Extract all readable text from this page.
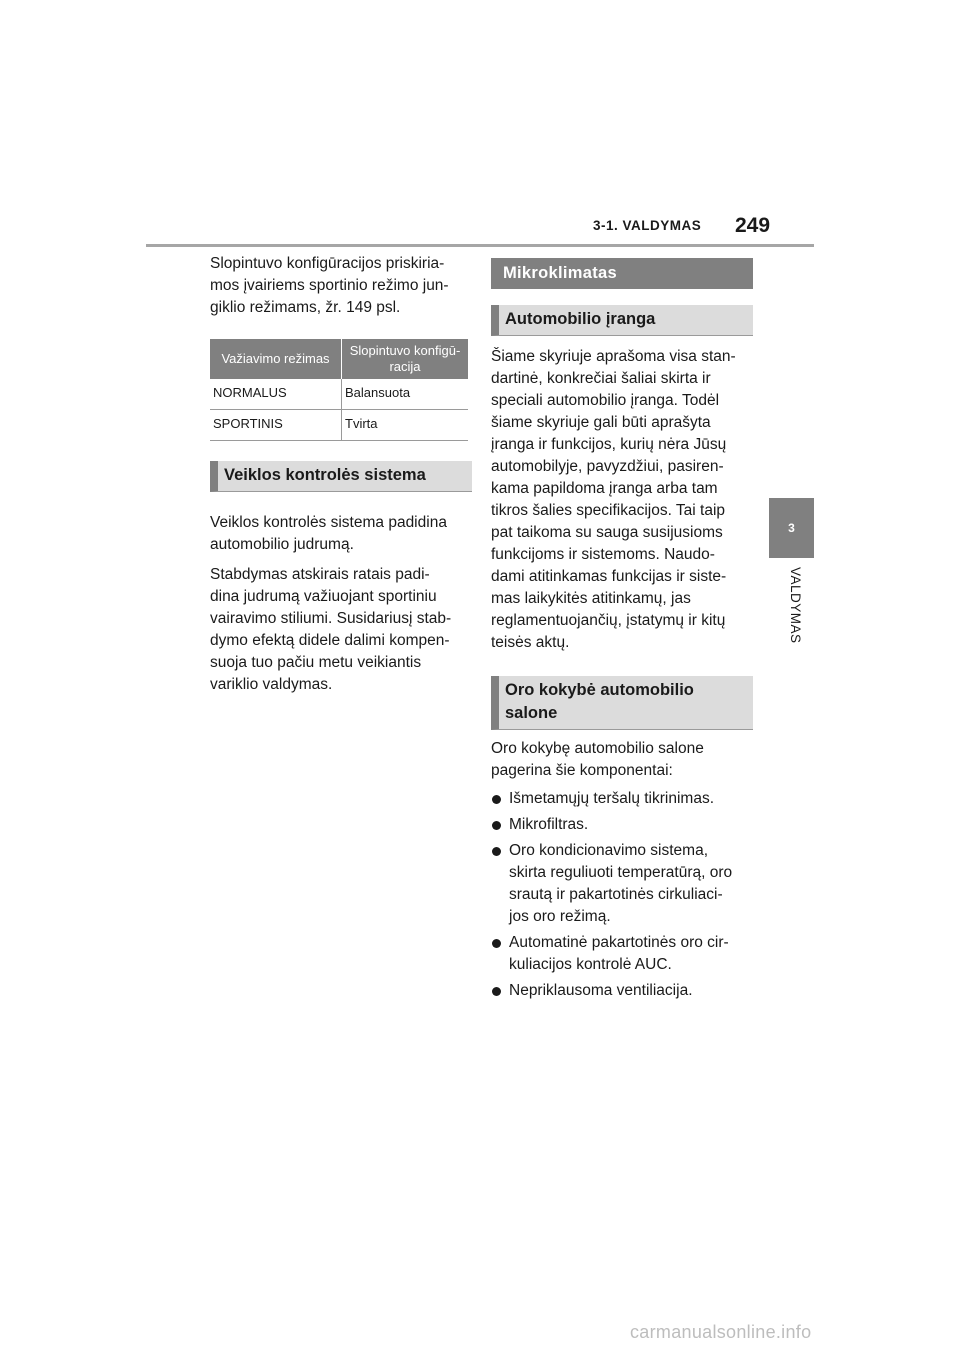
3-1. VALDYMAS 249
3
VALDYMAS

Slopintuvo konfigūracijos priskiria-
mos įvairiems sportinio režimo jun-
giklio režimams, žr. 149 psl.

Važiavimo režimas	Slopintuvo konfigū-
racija
NORMALUS	Balansuota
SPORTINIS	Tvirta
Veiklos kontrolės sistema

Veiklos kontrolės sistema padidina
automobilio judrumą.

Stabdymas atskirais ratais padi-
dina judrumą važiuojant sportiniu
vairavimo stiliumi. Susidariusį stab-
dymo efektą didele dalimi kompen-
suoja tuo pačiu metu veikiantis
variklio valdymas.

Mikroklimatas
Automobilio įranga

Šiame skyriuje aprašoma visa stan-
dartinė, konkrečiai šaliai skirta ir
speciali automobilio įranga. Todėl
šiame skyriuje gali būti aprašyta
įranga ir funkcijos, kurių nėra Jūsų
automobilyje, pavyzdžiui, pasiren-
kama papildoma įranga arba tam
tikros šalies specifikacijos. Tai taip
pat taikoma su sauga susijusioms
funkcijoms ir sistemoms. Naudo-
dami atitinkamas funkcijas ir siste-
mas laikykitės atitinkamų, jas
reglamentuojančių, įstatymų ir kitų
teisės aktų.

Oro kokybė automobilio
salone

Oro kokybę automobilio salone
pagerina šie komponentai:

Išmetamųjų teršalų tikrinimas.
Mikrofiltras.
Oro kondicionavimo sistema,
skirta reguliuoti temperatūrą, oro
srautą ir pakartotinės cirkuliaci-
jos oro režimą.
Automatinė pakartotinės oro cir-
kuliacijos kontrolė AUC.
Nepriklausoma ventiliacija.
carmanualsonline.info
